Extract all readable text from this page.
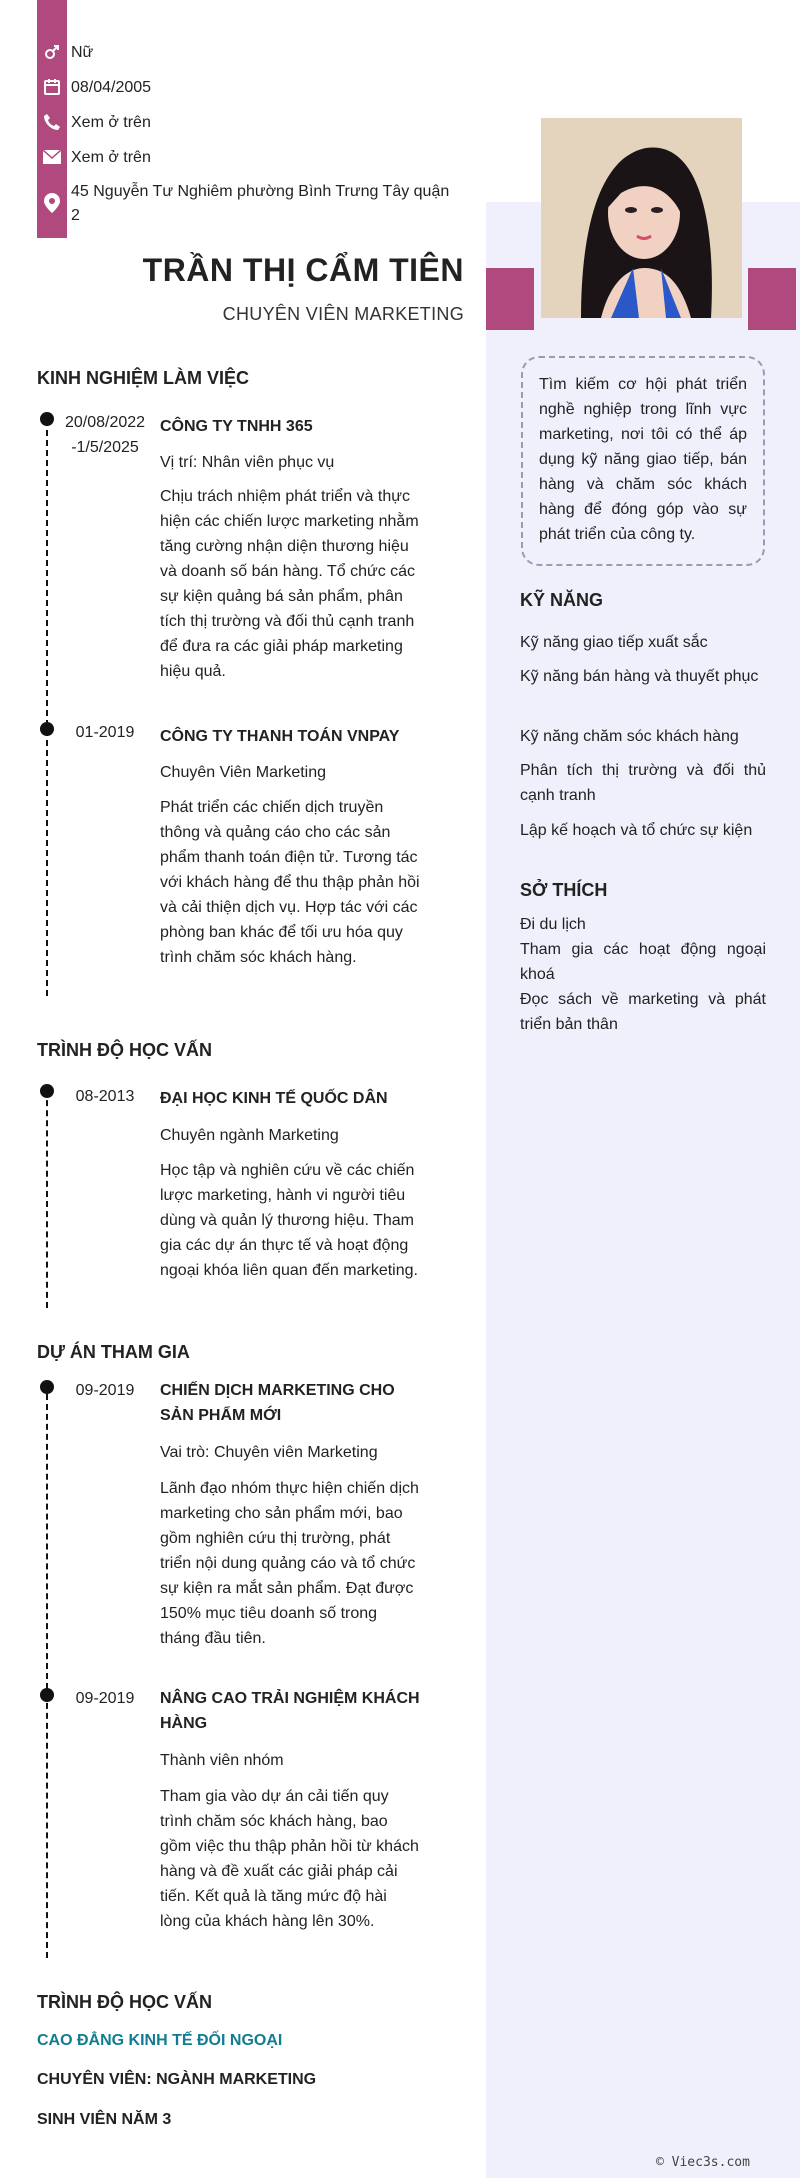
Nữ
08/04/2005
Xem ở trên
Xem ở trên
45 Nguyễn Tư Nghiêm phường Bình Trưng Tây quận 2
TRẦN THỊ CẨM TIÊN
CHUYÊN VIÊN MARKETING
KINH NGHIỆM LÀM VIỆC
20/08/2022 -1/5/2025
CÔNG TY TNHH 365
Vị trí: Nhân viên phục vụ
Chịu trách nhiệm phát triển và thực hiện các chiến lược marketing nhằm tăng cường nhận diện thương hiệu và doanh số bán hàng. Tổ chức các sự kiện quảng bá sản phẩm, phân tích thị trường và đối thủ cạnh tranh để đưa ra các giải pháp marketing hiệu quả.
01-2019	CÔNG TY THANH TOÁN VNPAY
Chuyên Viên Marketing
Phát triển các chiến dịch truyền thông và quảng cáo cho các sản phẩm thanh toán điện tử. Tương tác với khách hàng để thu thập phản hồi và cải thiện dịch vụ. Hợp tác với các phòng ban khác để tối ưu hóa quy trình chăm sóc khách hàng.
TRÌNH ĐỘ HỌC VẤN
08-2013	ĐẠI HỌC KINH TẾ QUỐC DÂN
Chuyên ngành Marketing
Học tập và nghiên cứu về các chiến lược marketing, hành vi người tiêu dùng và quản lý thương hiệu. Tham gia các dự án thực tế và hoạt động ngoại khóa liên quan đến marketing.
DỰ ÁN THAM GIA
09-2019	CHIẾN DỊCH MARKETING CHO SẢN PHẨM MỚI
Vai trò: Chuyên viên Marketing
Lãnh đạo nhóm thực hiện chiến dịch marketing cho sản phẩm mới, bao gồm nghiên cứu thị trường, phát triển nội dung quảng cáo và tổ chức sự kiện ra mắt sản phẩm. Đạt được 150% mục tiêu doanh số trong tháng đầu tiên.
09-2019	NÂNG CAO TRẢI NGHIỆM KHÁCH HÀNG
Thành viên nhóm
Tham gia vào dự án cải tiến quy trình chăm sóc khách hàng, bao gồm việc thu thập phản hồi từ khách hàng và đề xuất các giải pháp cải tiến. Kết quả là tăng mức độ hài lòng của khách hàng lên 30%.
TRÌNH ĐỘ HỌC VẤN
CAO ĐẲNG KINH TẾ ĐỐI NGOẠI
CHUYÊN VIÊN: NGÀNH MARKETING
SINH VIÊN NĂM 3
Tìm kiếm cơ hội phát triển nghề nghiệp trong lĩnh vực marketing, nơi tôi có thể áp dụng kỹ năng giao tiếp, bán hàng và chăm sóc khách hàng để đóng góp vào sự phát triển của công ty.
KỸ NĂNG
Kỹ năng giao tiếp xuất sắc
Kỹ năng bán hàng và thuyết phục
Kỹ năng chăm sóc khách hàng
Phân tích thị trường và đối thủ cạnh tranh
Lập kế hoạch và tổ chức sự kiện
SỞ THÍCH
Đi du lịch
Tham gia các hoạt động ngoại khoá
Đọc sách về marketing và phát triển bản thân
© Viec3s.com
